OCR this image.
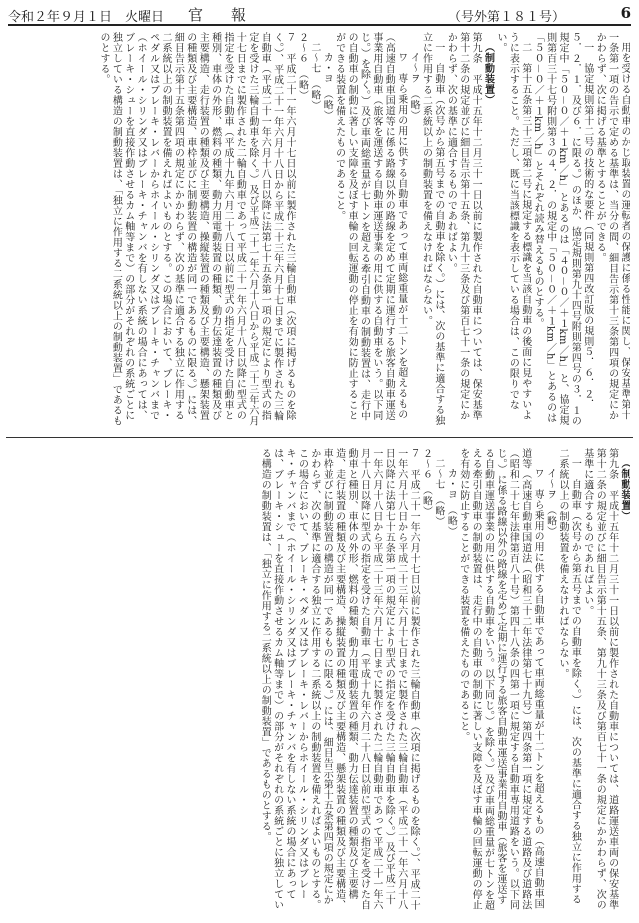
令和２年９月１日　火曜日 官報	（号外第１８１号）	6

用を受ける自動車のかじ取装置の運転者の保護に係る性能に関し、保安基準第十一条第一項の告示で定める基準は、当分の間、細目告示第十三条第四項の規定にかかわらず、次に掲げる基準とすることができる。

一　協定規則第十二号の技術的な要件（同規則第四改訂版の規則５．６．２．５．２．１．及び６．に限る。）のほか、協定規則第九十四号附則第四号の３．１の規定中「５０－０／＋１km／h」とあるのは「４０－０／＋１km／h」と、協定規則第百三十七号附則第３の４．２．の規定中「５０－０／＋１km／h」とあるのは「５０－０／＋１km／h」とそれぞれ読み替えるものとする。

二　第十五条第三十三項第二号に規定する標識を当該自動車の後面に見やすいように表示すること。ただし、既に当該標識を表示している場合は、この限りでない。

（制動装置）

第九条　平成十五年十二月三十一日以前に製作された自動車については、保安基準第十二条の規定並びに細目告示第十五条、第九十三条及び第百七十一条の規定にかかわらず、次の基準に適合するものであればよい。

一　自動車（次号から第五号までの自動車を除く。）には、次の基準に適合する独立に作用する二系統以上の制動装置を備えなければならない。

イ～ヲ　（略）

ワ　専ら乗用の用に供する自動車であって車両総重量が十二トンを超えるもの（高速自動車国道等に係る路線以外の路線を定めて定期に運行する旅客自動車運送事業用自動車（旅客を運送する自動車運送事業の用に供する自動車をいう。以下同じ。）を除く。）及び車両総重量が七トンを超える牽引自動車の制動装置は、走行中の自動車の制動に著しい支障を及ぼす車輪の回転運動の停止を有効に防止することができる装置を備えたものであること。

カ・ヨ　（略）

二～七　（略）

２～６　（略）

７　平成二十一年六月十七日以前に製作された三輪自動車（次項に掲げるものを除く。）、平成二十一年六月十八日から平成二十三年六月十七日までに製作された三輪自動車（平成二十一年六月十八日以降に法第七十五条第一項の規定により型式の指定を受けた三輪自動車を除く。）及び平成二十一年六月十八日から平成二十三年六月十七日までに製作された二輪自動車であって平成二十一年六月十八日以降に型式の指定を受けた自動車（平成十九年六月二十八日以前に型式の指定を受けた自動車と種別、車体の外形、燃料の種類、動力用電動装置の種類、動力伝達装置の種類及び主要構造、走行装置の種類及び主要構造、操縦装置の種類及び主要構造、懸架装置の種類及び主要構造、車枠並びに制動装置の構造が同一であるものに限る。）には、細目告示第十五条第四項の規定にかかわらず、次の基準に適合する独立に作用する二系統以上の制動装置を備えればよいものとする。この場合において、ブレーキ・ペダル又はブレーキ・レバーからホイール・シリンダ又はブレーキ・チャンバまで（ホイール・シリンダ又はブレーキ・チャンバを有しない系統の場合にあっては、ブレーキ・シューを直接作動させるカム軸等まで）の部分がそれぞれの系統ごとに独立している構造の制動装置は、「独立に作用する二系統以上の制動装置」であるものとする。

（制動装置）

第九条　平成十五年十二月三十一日以前に製作された自動車については、道路運送車両の保安基準第十二条の規定並びに細目告示第十五条、第九十三条及び第百七十一条の規定にかかわらず、次の基準に適合するものであればよい。

一　自動車（次号から第五号までの自動車を除く。）には、次の基準に適合する独立に作用する二系統以上の制動装置を備えなければならない。

イ～ヲ　（略）

ワ　専ら乗用の用に供する自動車であって車両総重量が十二トンを超えるもの（高速自動車国道等（高速自動車国道法（昭和三十二年法律第七十九号）第四条第一項に規定する道路及び道路法（昭和二十七年法律第百八十号）第四十八条の四第一項に規定する自動車専用道路をいう。以下同じ。）に係る路線以外の路線を定めて定期に運行する旅客自動車運送事業用自動車（旅客を運送する自動車運送事業の用に供する自動車をいう。以下同じ。）を除く。）及び車両総重量が七トンを超える牽引自動車の制動装置は、走行中の自動車の制動に著しい支障を及ぼす車輪の回転運動の停止を有効に防止することができる装置を備えたものであること。

カ・ヨ　（略）

二～七　（略）

２～６　（略）

７　平成二十一年六月十七日以前に製作された三輪自動車（次項に掲げるものを除く。）、平成二十一年六月十八日から平成二十三年六月十七日までに製作された三輪自動車（平成二十一年六月十八日以降に法第七十五条第一項の規定により型式の指定を受けた三輪自動車を除く。）及び平成二十一年六月十八日から平成二十三年六月十七日までに製作された二輪自動車であって平成二十一年六月十八日以降に型式の指定を受けた自動車（平成十九年六月二十八日以前に型式の指定を受けた自動車と種別、車体の外形、燃料の種類、動力用電動装置の種類、動力伝達装置の種類及び主要構造、走行装置の種類及び主要構造、操縦装置の種類及び主要構造、懸架装置の種類及び主要構造、車枠並びに制動装置の構造が同一であるものに限る。）には、細目告示第十五条第四項の規定にかかわらず、次の基準に適合する独立に作用する二系統以上の制動装置を備えればよいものとする。この場合において、ブレーキ・ペダル又はブレーキ・レバーからホイール・シリンダ又はブレーキ・チャンバまで（ホイール・シリンダ又はブレーキ・チャンバを有しない系統の場合にあっては、ブレーキ・シューを直接作動させるカム軸等まで）の部分がそれぞれの系統ごとに独立している構造の制動装置は、「独立に作用する二系統以上の制動装置」であるものとする。
